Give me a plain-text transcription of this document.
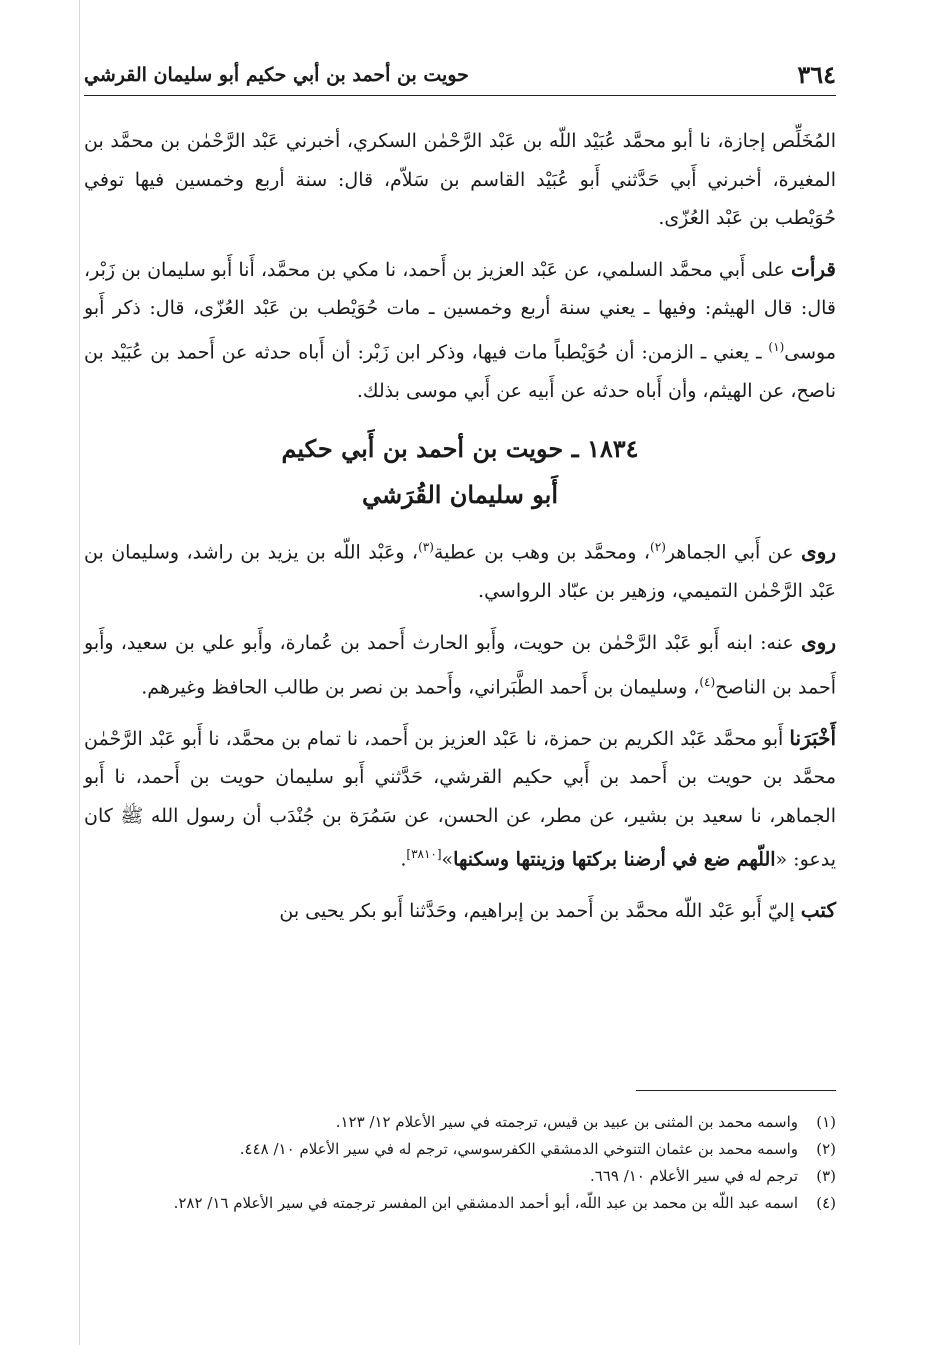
٣٦٤
حويت بن أحمد بن أبي حكيم أبو سليمان القرشي

المُخَلِّص إجازة، نا أبو محمَّد عُبَيْد اللّه بن عَبْد الرَّحْمٰن السكري، أخبرني عَبْد الرَّحْمٰن بن محمَّد بن المغيرة، أخبرني أَبي حَدَّثني أَبو عُبَيْد القاسم بن سَلاّم، قال: سنة أربع وخمسين فيها توفي حُوَيْطب بن عَبْد العُزّى.

قرأت على أَبي محمَّد السلمي، عن عَبْد العزيز بن أَحمد، نا مكي بن محمَّد، أَنا أَبو سليمان بن زَبْر، قال: قال الهيثم: وفيها ـ يعني سنة أربع وخمسين ـ مات حُوَيْطب بن عَبْد العُزّى، قال: ذكر أَبو موسى$^{(١)}$ ـ يعني ـ الزمن: أن حُوَيْطباً مات فيها، وذكر ابن زَبْر: أن أَباه حدثه عن أَحمد بن عُبَيْد بن ناصح، عن الهيثم، وأن أَباه حدثه عن أَبيه عن أَبي موسى بذلك.

١٨٣٤ ـ حويت بن أحمد بن أَبي حكيم
أَبو سليمان القُرَشي

روى عن أَبي الجماهر$^{(٢)}$، ومحمَّد بن وهب بن عطية$^{(٣)}$، وعَبْد اللّه بن يزيد بن راشد، وسليمان بن عَبْد الرَّحْمٰن التميمي، وزهير بن عبّاد الرواسي.

روى عنه: ابنه أَبو عَبْد الرَّحْمٰن بن حويت، وأَبو الحارث أَحمد بن عُمارة، وأَبو علي بن سعيد، وأَبو أَحمد بن الناصح$^{(٤)}$، وسليمان بن أَحمد الطَّبَراني، وأَحمد بن نصر بن طالب الحافظ وغيرهم.

أَخْبَرَنا أَبو محمَّد عَبْد الكريم بن حمزة، نا عَبْد العزيز بن أَحمد، نا تمام بن محمَّد، نا أَبو عَبْد الرَّحْمٰن محمَّد بن حويت بن أَحمد بن أَبي حكيم القرشي، حَدَّثني أَبو سليمان حويت بن أَحمد، نا أَبو الجماهر، نا سعيد بن بشير، عن مطر، عن الحسن، عن سَمُرَة بن جُنْدَب أن رسول الله ﷺ كان يدعو: «اللّهم ضع في أرضنا بركتها وزينتها وسكنها»[٣٨١٠].

كتب إليّ أَبو عَبْد اللّه محمَّد بن أَحمد بن إبراهيم، وحَدَّثنا أَبو بكر يحيى بن

(١)
واسمه محمد بن المثنى بن عبيد بن قيس، ترجمته في سير الأعلام ١٢/ ١٢٣.
(٢)
واسمه محمد بن عثمان التنوخي الدمشقي الكفرسوسي، ترجم له في سير الأعلام ١٠/ ٤٤٨.
(٣)
ترجم له في سير الأعلام ١٠/ ٦٦٩.
(٤)
اسمه عبد اللّه بن محمد بن عبد اللّه، أبو أحمد الدمشقي ابن المفسر ترجمته في سير الأعلام ١٦/ ٢٨٢.
